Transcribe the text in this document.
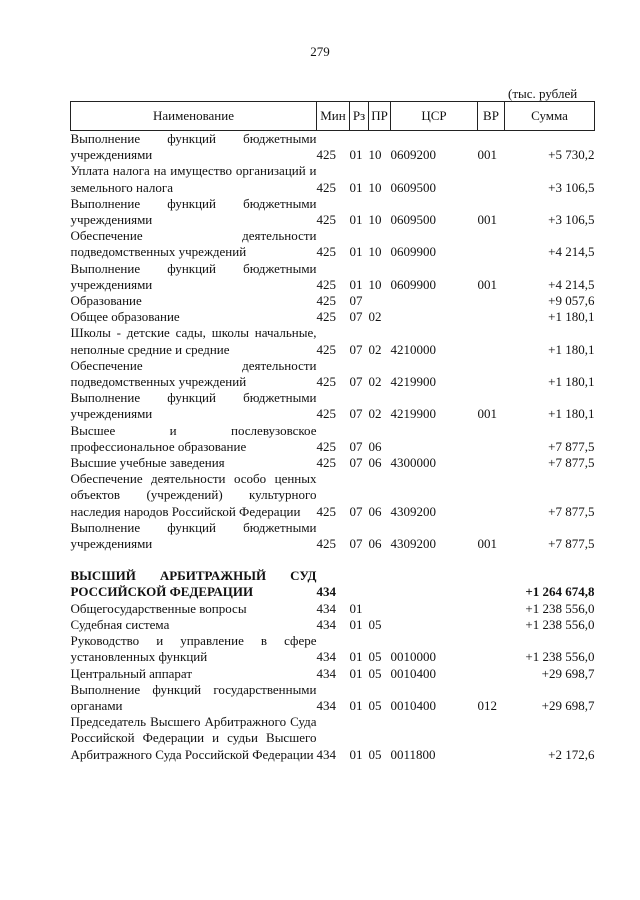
279
(тыс. рублей
Наименование	Мин	Рз	ПР	ЦСР	ВР	Сумма
Выполнение функций бюджетными учреждениями	425	01	10	0609200	001	+5 730,2
Уплата налога на имущество организаций и земельного налога	425	01	10	0609500		+3 106,5
Выполнение функций бюджетными учреждениями	425	01	10	0609500	001	+3 106,5
Обеспечение деятельности подведомственных учреждений	425	01	10	0609900		+4 214,5
Выполнение функций бюджетными учреждениями	425	01	10	0609900	001	+4 214,5
Образование	425	07				+9 057,6
Общее образование	425	07	02			+1 180,1
Школы - детские сады, школы начальные, неполные средние и средние	425	07	02	4210000		+1 180,1
Обеспечение деятельности подведомственных учреждений	425	07	02	4219900		+1 180,1
Выполнение функций бюджетными учреждениями	425	07	02	4219900	001	+1 180,1
Высшее и послевузовское профессиональное образование	425	07	06			+7 877,5
Высшие учебные заведения	425	07	06	4300000		+7 877,5
Обеспечение деятельности особо ценных объектов (учреждений) культурного наследия народов Российской Федерации	425	07	06	4309200		+7 877,5
Выполнение функций бюджетными учреждениями	425	07	06	4309200	001	+7 877,5

ВЫСШИЙ АРБИТРАЖНЫЙ СУД РОССИЙСКОЙ ФЕДЕРАЦИИ	434					+1 264 674,8
Общегосударственные вопросы	434	01				+1 238 556,0
Судебная система	434	01	05			+1 238 556,0
Руководство и управление в сфере установленных функций	434	01	05	0010000		+1 238 556,0
Центральный аппарат	434	01	05	0010400		+29 698,7
Выполнение функций государственными органами	434	01	05	0010400	012	+29 698,7
Председатель Высшего Арбитражного Суда Российской Федерации и судьи Высшего Арбитражного Суда Российской Федерации	434	01	05	0011800		+2 172,6
